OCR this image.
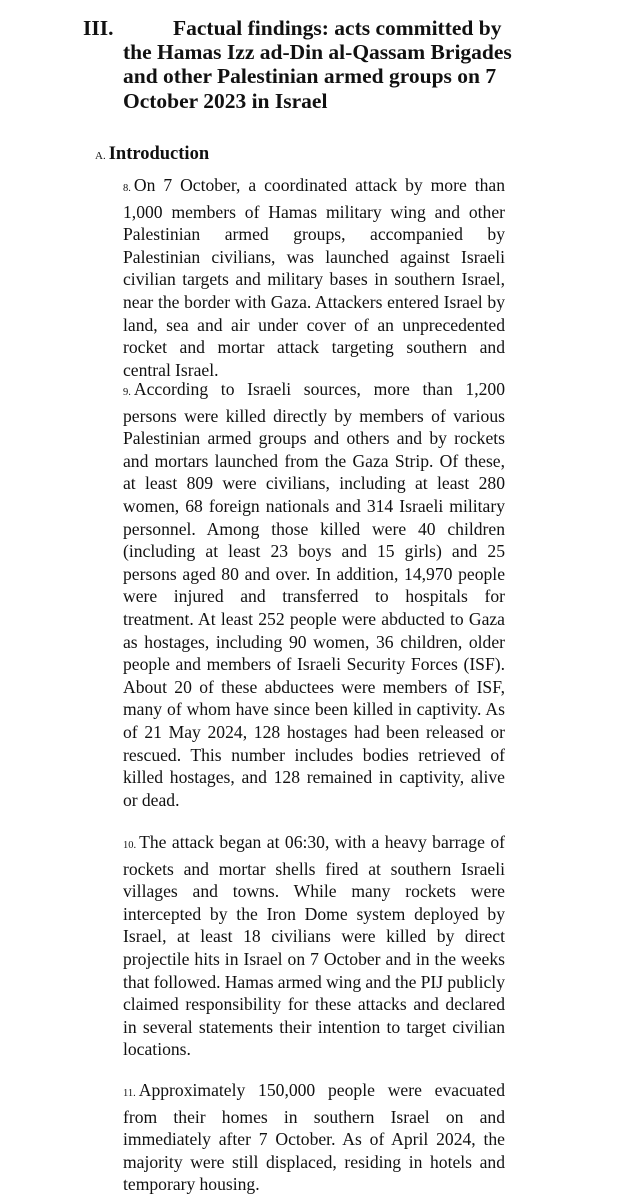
III.	Factual findings: acts committed by the Hamas Izz ad-Din al-Qassam Brigades and other Palestinian armed groups on 7 October 2023 in Israel
A. Introduction

8. On 7 October, a coordinated attack by more than 1,000 members of Hamas military wing and other Palestinian armed groups, accompanied by Palestinian civilians, was launched against Israeli civilian targets and military bases in southern Israel, near the border with Gaza. Attackers entered Israel by land, sea and air under cover of an unprecedented rocket and mortar attack targeting southern and central Israel.

9. According to Israeli sources, more than 1,200 persons were killed directly by members of various Palestinian armed groups and others and by rockets and mortars launched from the Gaza Strip. Of these, at least 809 were civilians, including at least 280 women, 68 foreign nationals and 314 Israeli military personnel. Among those killed were 40 children (including at least 23 boys and 15 girls) and 25 persons aged 80 and over. In addition, 14,970 people were injured and transferred to hospitals for treatment. At least 252 people were abducted to Gaza as hostages, including 90 women, 36 children, older people and members of Israeli Security Forces (ISF). About 20 of these abductees were members of ISF, many of whom have since been killed in captivity. As of 21 May 2024, 128 hostages had been released or rescued. This number includes bodies retrieved of killed hostages, and 128 remained in captivity, alive or dead.

10. The attack began at 06:30, with a heavy barrage of rockets and mortar shells fired at southern Israeli villages and towns. While many rockets were intercepted by the Iron Dome system deployed by Israel, at least 18 civilians were killed by direct projectile hits in Israel on 7 October and in the weeks that followed. Hamas armed wing and the PIJ publicly claimed responsibility for these attacks and declared in several statements their intention to target civilian locations.

11. Approximately 150,000 people were evacuated from their homes in southern Israel on and immediately after 7 October. As of April 2024, the majority were still displaced, residing in hotels and temporary housing.
